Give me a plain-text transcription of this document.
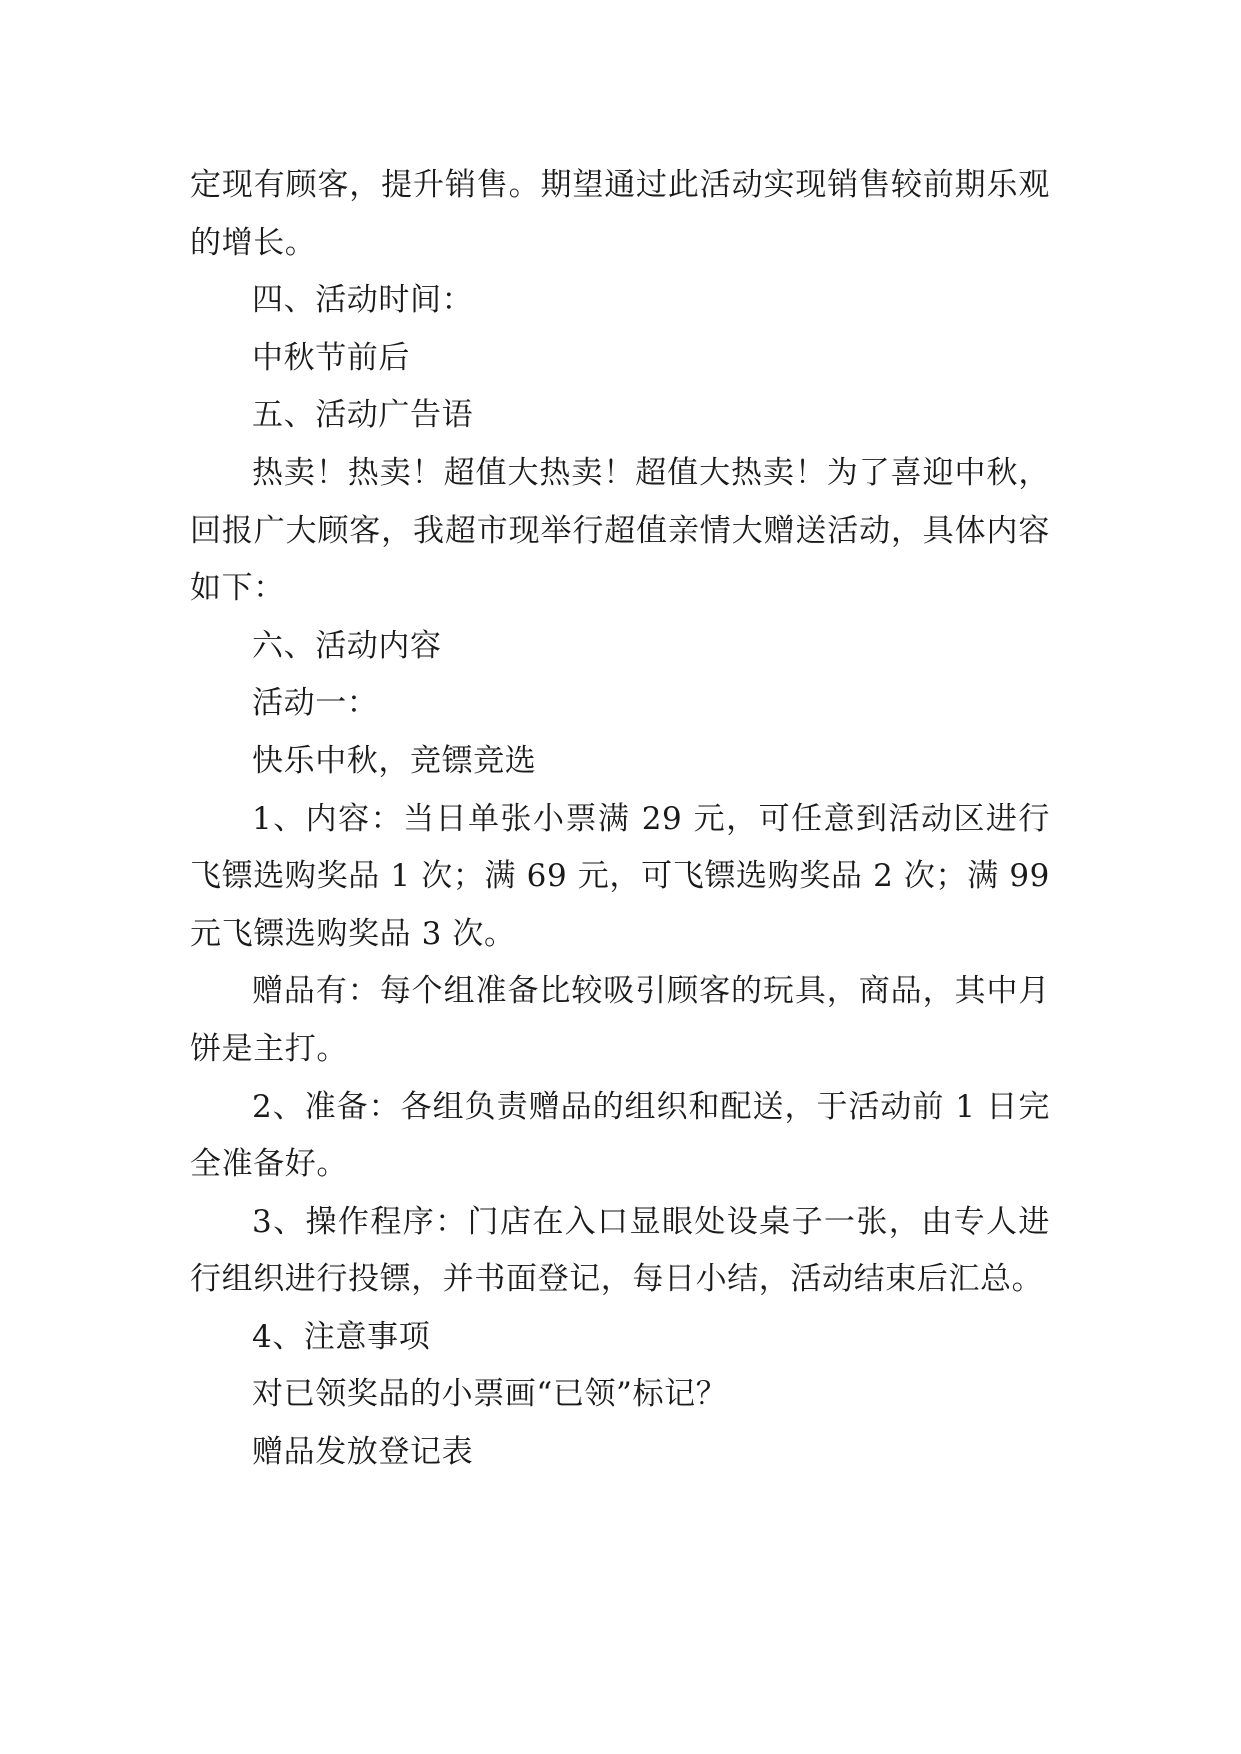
定现有顾客，提升销售。期望通过此活动实现销售较前期乐观的增长。

四、活动时间：

中秋节前后

五、活动广告语

热卖！热卖！超值大热卖！超值大热卖！为了喜迎中秋，回报广大顾客，我超市现举行超值亲情大赠送活动，具体内容如下：

六、活动内容

活动一：

快乐中秋，竞镖竞选

1、内容：当日单张小票满 29 元，可任意到活动区进行飞镖选购奖品 1 次；满 69 元，可飞镖选购奖品 2 次；满 99 元飞镖选购奖品 3 次。

赠品有：每个组准备比较吸引顾客的玩具，商品，其中月饼是主打。

2、准备：各组负责赠品的组织和配送，于活动前 1 日完全准备好。

3、操作程序：门店在入口显眼处设桌子一张，由专人进行组织进行投镖，并书面登记，每日小结，活动结束后汇总。

4、注意事项

对已领奖品的小票画“已领”标记？

赠品发放登记表
